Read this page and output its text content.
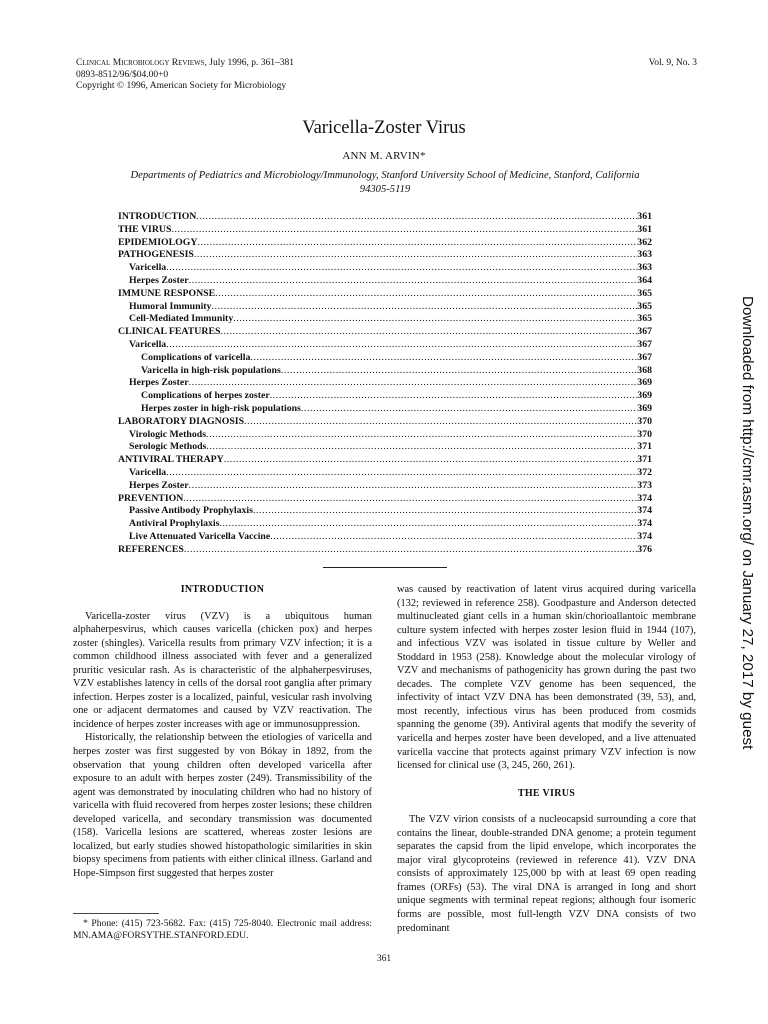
Clinical Microbiology Reviews, July 1996, p. 361–381
0893-8512/96/$04.00+0
Copyright © 1996, American Society for Microbiology
Vol. 9, No. 3
Varicella-Zoster Virus
ANN M. ARVIN*
Departments of Pediatrics and Microbiology/Immunology, Stanford University School of Medicine, Stanford, California 94305-5119
INTRODUCTION .....	361
THE VIRUS .....	361
EPIDEMIOLOGY .....	362
PATHOGENESIS .....	363
Varicella .....	363
Herpes Zoster .....	364
IMMUNE RESPONSE .....	365
Humoral Immunity .....	365
Cell-Mediated Immunity .....	365
CLINICAL FEATURES .....	367
Varicella .....	367
Complications of varicella .....	367
Varicella in high-risk populations .....	368
Herpes Zoster .....	369
Complications of herpes zoster .....	369
Herpes zoster in high-risk populations .....	369
LABORATORY DIAGNOSIS .....	370
Virologic Methods .....	370
Serologic Methods .....	371
ANTIVIRAL THERAPY .....	371
Varicella .....	372
Herpes Zoster .....	373
PREVENTION .....	374
Passive Antibody Prophylaxis .....	374
Antiviral Prophylaxis .....	374
Live Attenuated Varicella Vaccine .....	374
REFERENCES .....	376
INTRODUCTION

Varicella-zoster virus (VZV) is a ubiquitous human alphaherpesvirus, which causes varicella (chicken pox) and herpes zoster (shingles). Varicella results from primary VZV infection; it is a common childhood illness associated with fever and a generalized pruritic vesicular rash. As is characteristic of the alphaherpesviruses, VZV establishes latency in cells of the dorsal root ganglia after primary infection. Herpes zoster is a localized, painful, vesicular rash involving one or adjacent dermatomes and caused by VZV reactivation. The incidence of herpes zoster increases with age or immunosuppression.

Historically, the relationship between the etiologies of varicella and herpes zoster was first suggested by von Bókay in 1892, from the observation that young children often developed varicella after exposure to an adult with herpes zoster (249). Transmissibility of the agent was demonstrated by inoculating children who had no history of varicella with fluid recovered from herpes zoster lesions; these children developed varicella, and secondary transmission was documented (158). Varicella lesions are scattered, whereas zoster lesions are localized, but early studies showed histopathologic similarities in skin biopsy specimens from patients with either clinical illness. Garland and Hope-Simpson first suggested that herpes zoster

was caused by reactivation of latent virus acquired during varicella (132; reviewed in reference 258). Goodpasture and Anderson detected multinucleated giant cells in a human skin/chorioallantoic membrane culture system infected with herpes zoster lesion fluid in 1944 (107), and infectious VZV was isolated in tissue culture by Weller and Stoddard in 1953 (258). Knowledge about the molecular virology of VZV and mechanisms of pathogenicity has grown during the past two decades. The complete VZV genome has been sequenced, the infectivity of intact VZV DNA has been demonstrated (39, 53), and, most recently, infectious virus has been produced from cosmids spanning the genome (39). Antiviral agents that modify the severity of varicella and herpes zoster have been developed, and a live attenuated varicella vaccine that protects against primary VZV infection is now licensed for clinical use (3, 245, 260, 261).

THE VIRUS

The VZV virion consists of a nucleocapsid surrounding a core that contains the linear, double-stranded DNA genome; a protein tegument separates the capsid from the lipid envelope, which incorporates the major viral glycoproteins (reviewed in reference 41). VZV DNA consists of approximately 125,000 bp with at least 69 open reading frames (ORFs) (53). The viral DNA is arranged in long and short unique segments with terminal repeat regions; although four isomeric forms are possible, most full-length VZV DNA consists of two predominant

* Phone: (415) 723-5682. Fax: (415) 725-8040. Electronic mail address: MN.AMA@FORSYTHE.STANFORD.EDU.
361
Downloaded from http://cmr.asm.org/ on January 27, 2017 by guest
